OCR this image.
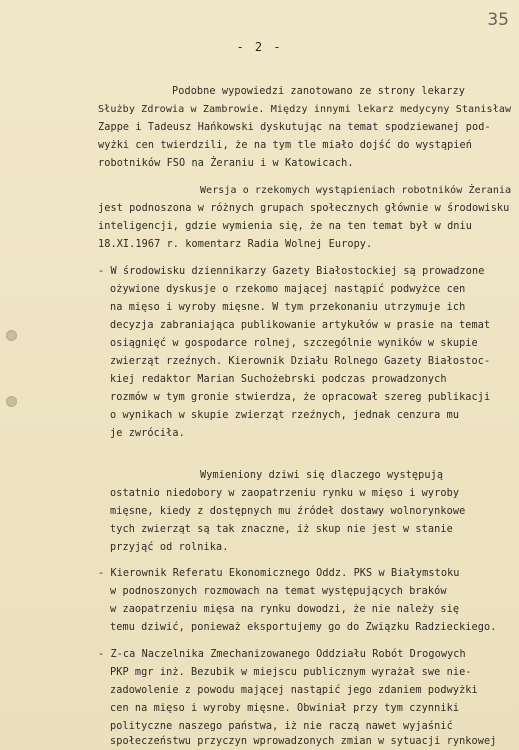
35
- 2 -
Podobne wypowiedzi zanotowano ze strony lekarzy
Służby Zdrowia w Zambrowie. Między innymi lekarz medycyny Stanisław
Zappe i Tadeusz Hańkowski dyskutując na temat spodziewanej pod-
wyżki cen twierdzili, że na tym tle miało dojść do wystąpień
robotników FSO na Żeraniu i w Katowicach.
Wersja o rzekomych wystąpieniach robotników Żerania
jest podnoszona w różnych grupach społecznych głównie w środowisku
inteligencji, gdzie wymienia się, że na ten temat był w dniu
18.XI.1967 r. komentarz Radia Wolnej Europy.
- W środowisku dziennikarzy Gazety Białostockiej są prowadzone
ożywione dyskusje o rzekomo mającej nastąpić podwyżce cen
na mięso i wyroby mięsne. W tym przekonaniu utrzymuje ich
decyzja zabraniająca publikowanie artykułów w prasie na temat
osiągnięć w gospodarce rolnej, szczególnie wyników w skupie
zwierząt rzeźnych. Kierownik Działu Rolnego Gazety Białostoc-
kiej redaktor Marian Suchożebrski podczas prowadzonych
rozmów w tym gronie stwierdza, że opracował szereg publikacji
o wynikach w skupie zwierząt rzeźnych, jednak cenzura mu
je zwróciła.
Wymieniony dziwi się dlaczego występują
ostatnio niedobory w zaopatrzeniu rynku w mięso i wyroby
mięsne, kiedy z dostępnych mu źródeł dostawy wolnorynkowe
tych zwierząt są tak znaczne, iż skup nie jest w stanie
przyjąć od rolnika.
- Kierownik Referatu Ekonomicznego Oddz. PKS w Białymstoku
w podnoszonych rozmowach na temat występujących braków
w zaopatrzeniu mięsa na rynku dowodzi, że nie należy się
temu dziwić, ponieważ eksportujemy go do Związku Radzieckiego.
- Z-ca Naczelnika Zmechanizowanego Oddziału Robót Drogowych
PKP mgr inż. Bezubik w miejscu publicznym wyrażał swe nie-
zadowolenie z powodu mającej nastąpić jego zdaniem podwyżki
cen na mięso i wyroby mięsne. Obwiniał przy tym czynniki
polityczne naszego państwa, iż nie raczą nawet wyjaśnić
społeczeństwu przyczyn wprowadzonych zmian w sytuacji rynkowej
